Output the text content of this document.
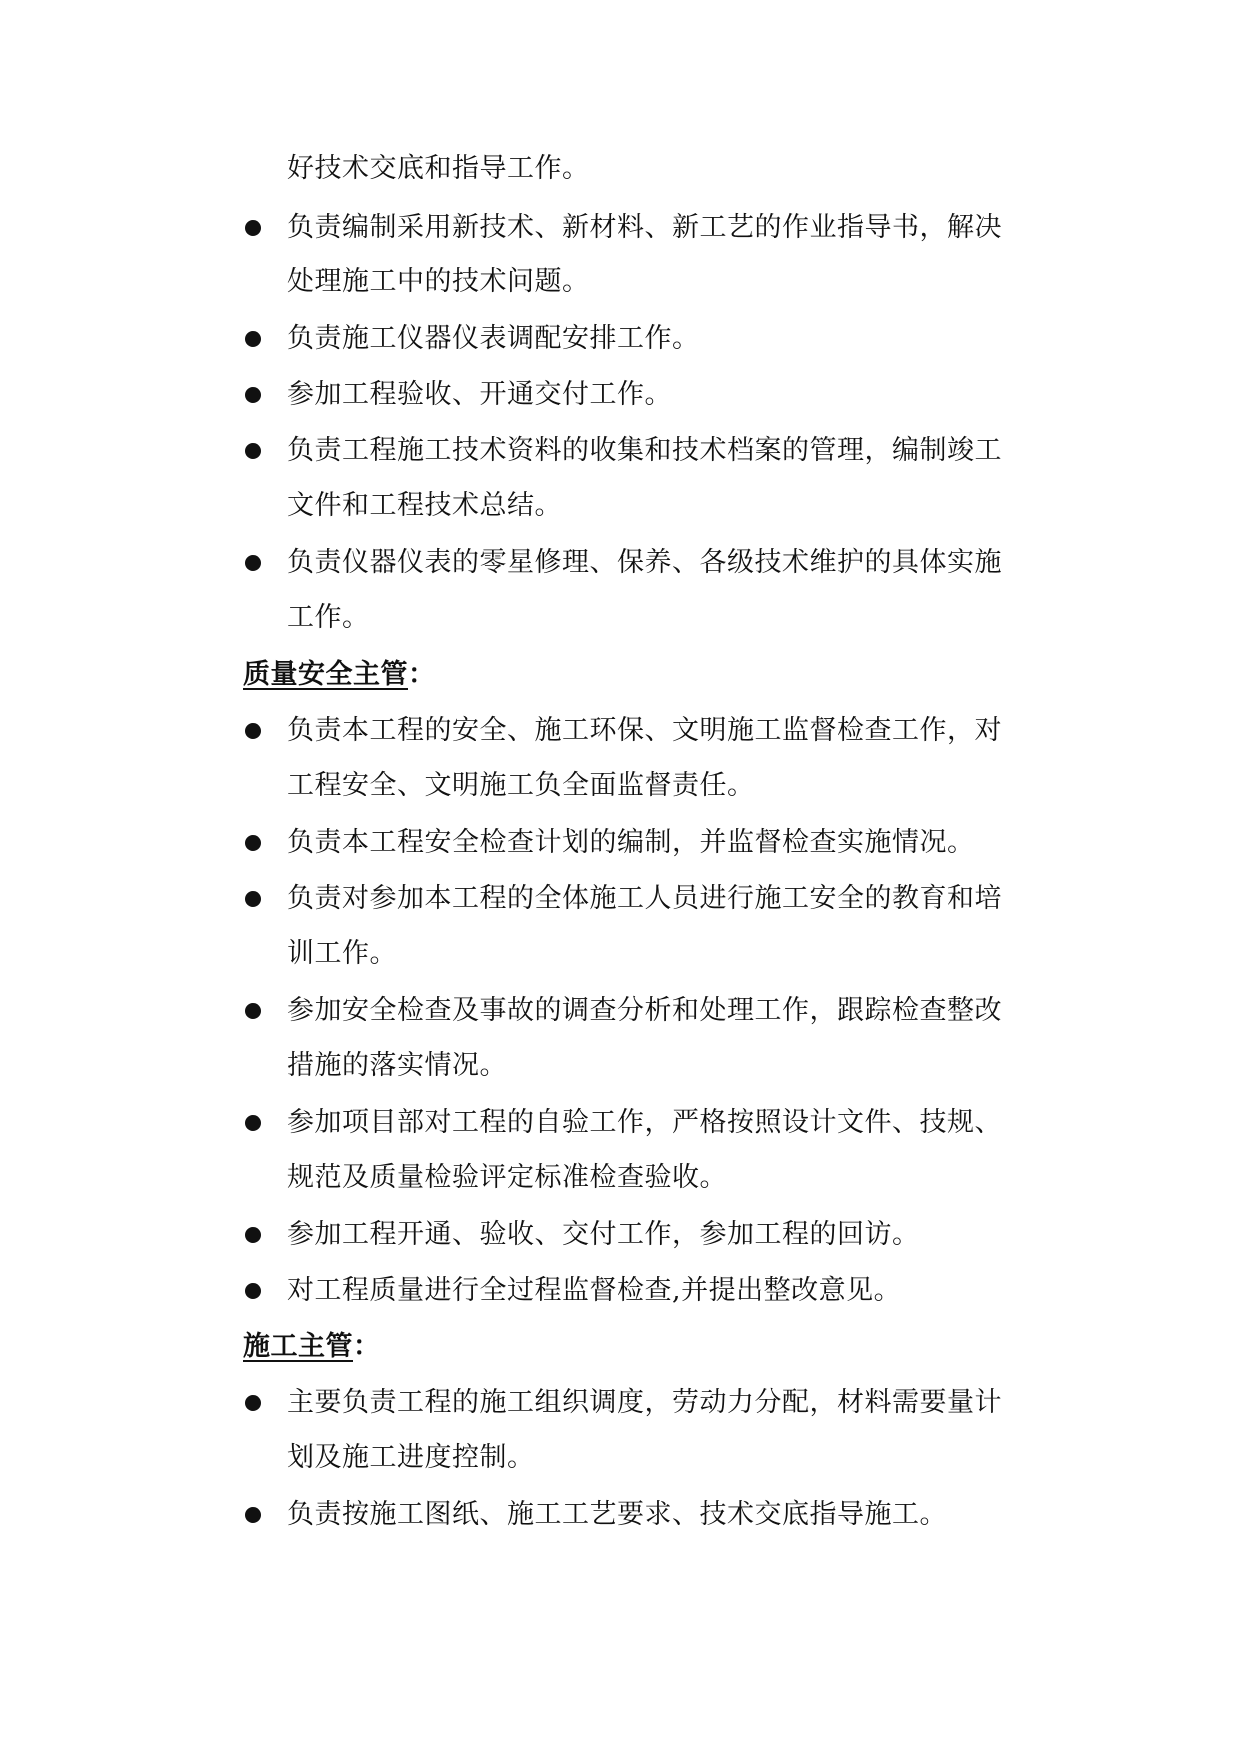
好技术交底和指导工作。
负责编制采用新技术、新材料、新工艺的作业指导书，解决
处理施工中的技术问题。
负责施工仪器仪表调配安排工作。
参加工程验收、开通交付工作。
负责工程施工技术资料的收集和技术档案的管理，编制竣工
文件和工程技术总结。
负责仪器仪表的零星修理、保养、各级技术维护的具体实施
工作。
质量安全主管：
负责本工程的安全、施工环保、文明施工监督检查工作，对
工程安全、文明施工负全面监督责任。
负责本工程安全检查计划的编制，并监督检查实施情况。
负责对参加本工程的全体施工人员进行施工安全的教育和培
训工作。
参加安全检查及事故的调查分析和处理工作，跟踪检查整改
措施的落实情况。
参加项目部对工程的自验工作，严格按照设计文件、技规、
规范及质量检验评定标准检查验收。
参加工程开通、验收、交付工作，参加工程的回访。
对工程质量进行全过程监督检查,并提出整改意见。
施工主管：
主要负责工程的施工组织调度，劳动力分配，材料需要量计
划及施工进度控制。
负责按施工图纸、施工工艺要求、技术交底指导施工。
